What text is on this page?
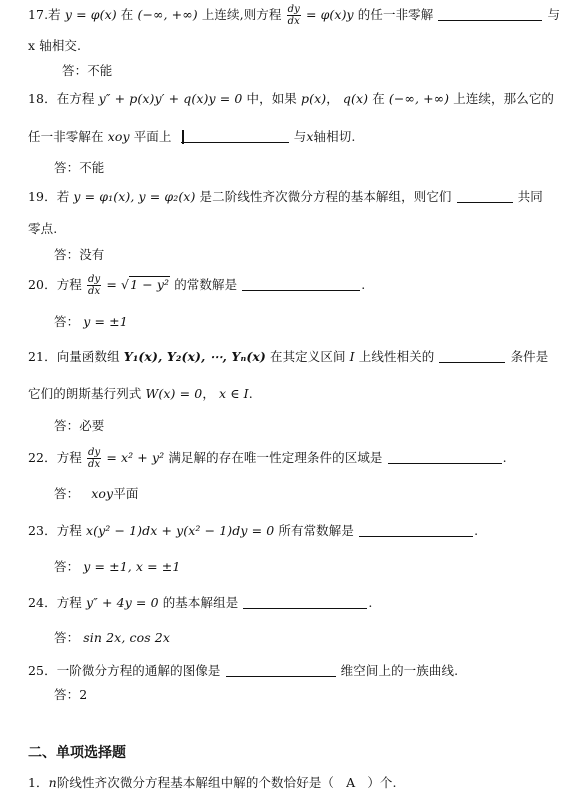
17.若 y = φ(x) 在 (−∞, +∞) 上连续,则方程 $\frac{dy}{dx} = \varphi(x)y$ 的任一非零解	与
x 轴相交.
答：不能
18．在方程 y″ + p(x)y′ + q(x)y = 0 中，如果 p(x)， q(x) 在 (−∞, +∞) 上连续，那么它的
任一非零解在 xoy 平面上	与x轴相切.
答：不能
19．若 y = φ₁(x), y = φ₂(x) 是二阶线性齐次微分方程的基本解组，则它们	共同
零点.
答：没有
20．方程 $\frac{dy}{dx} = √1 - y^2$ 的常数解是	.
答： y = ±1
21．向量函数组 Y₁(x), Y₂(x), ⋯, Yₙ(x) 在其定义区间 I 上线性相关的	条件是
它们的朗斯基行列式 W(x) = 0， x ∈ I.
答：必要
22．方程 $\frac{dy}{dx} = x^2 + y^2$ 满足解的存在唯一性定理条件的区域是	.
答： xoy平面
23．方程 x(y² − 1)dx + y(x² − 1)dy = 0 所有常数解是	.
答： y = ±1, x = ±1
24．方程 y″ + 4y = 0 的基本解组是	.
答： sin 2x, cos 2x
25．一阶微分方程的通解的图像是	维空间上的一族曲线.
答：2
二、单项选择题
1．n阶线性齐次微分方程基本解组中解的个数恰好是（ A ）个.
